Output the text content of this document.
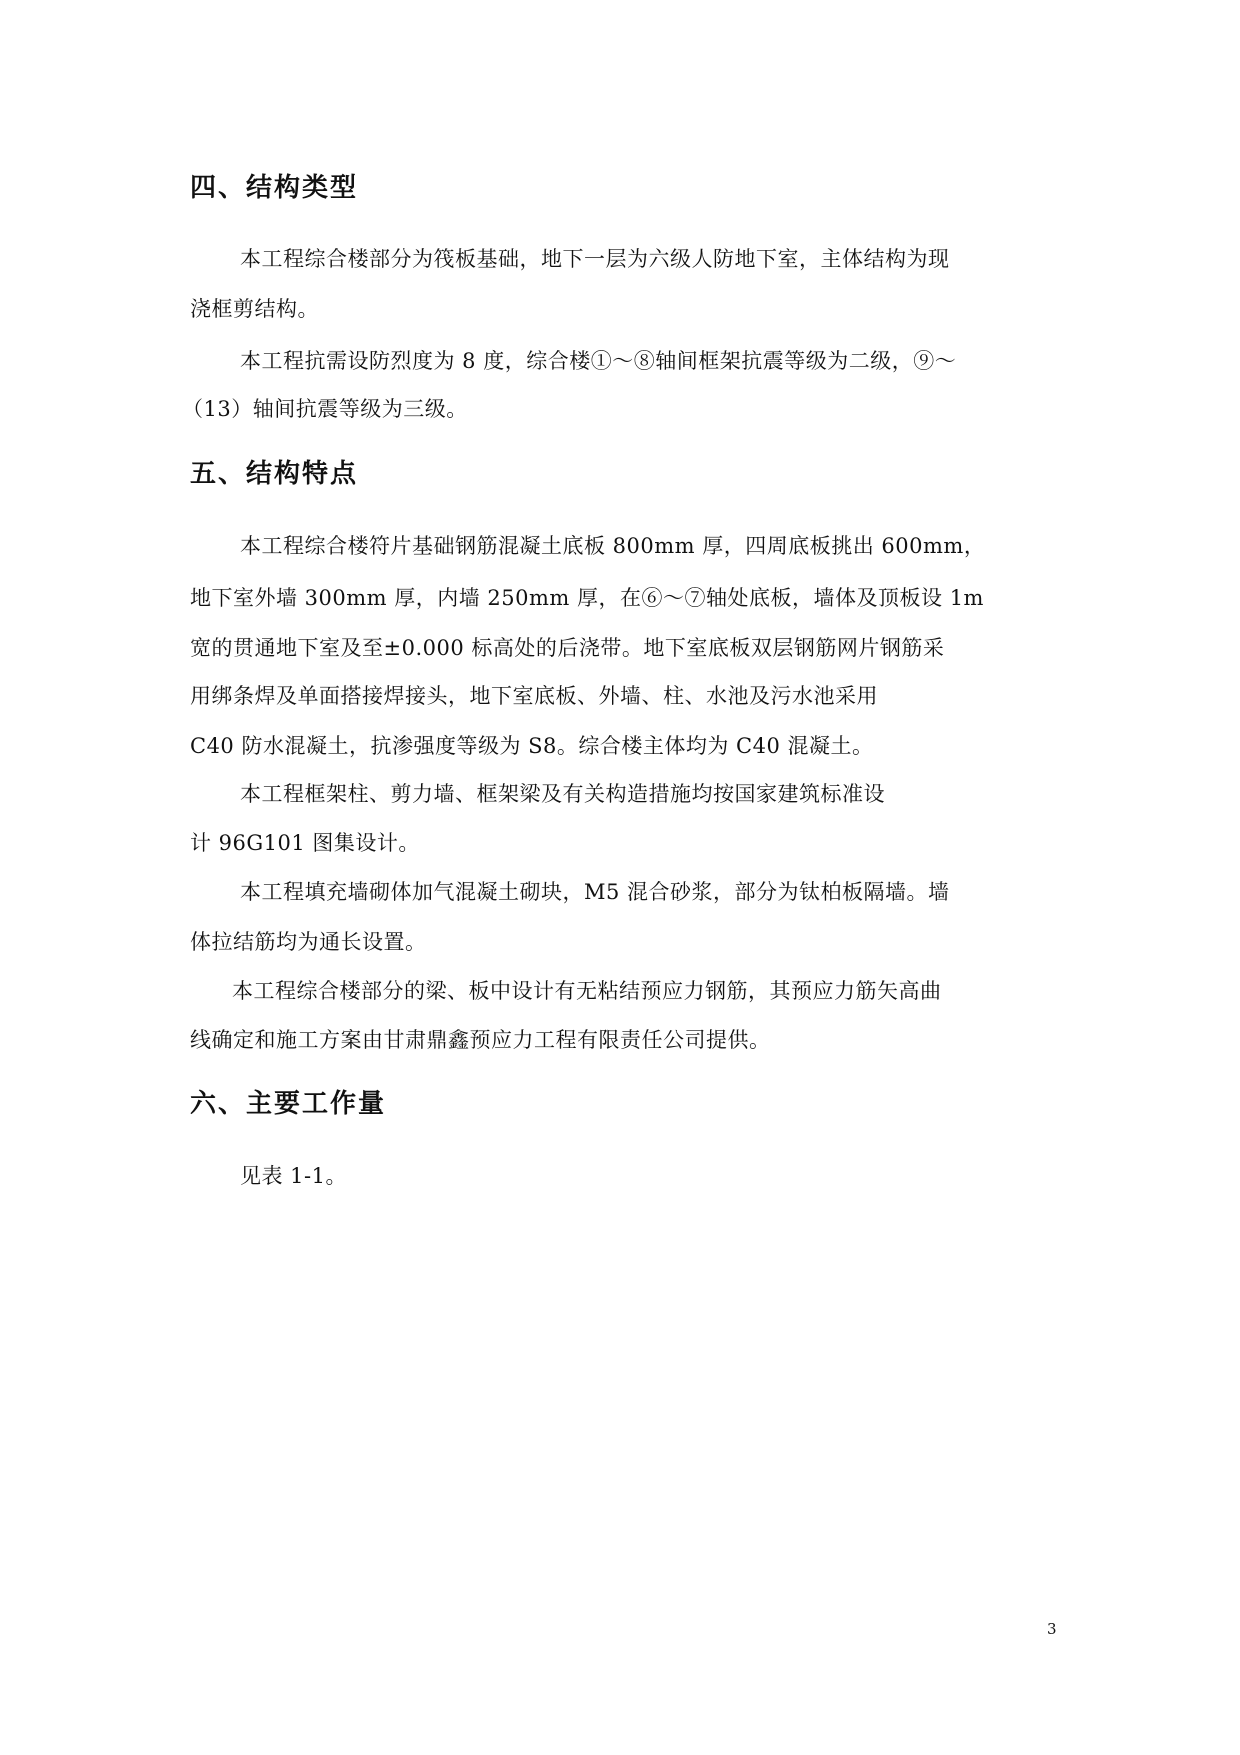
四、结构类型

本工程综合楼部分为筏板基础，地下一层为六级人防地下室，主体结构为现

浇框剪结构。

本工程抗需设防烈度为 8 度，综合楼①～⑧轴间框架抗震等级为二级，⑨～

（13）轴间抗震等级为三级。

五、结构特点

本工程综合楼符片基础钢筋混凝土底板 800mm 厚，四周底板挑出 600mm，

地下室外墙 300mm 厚，内墙 250mm 厚，在⑥～⑦轴处底板，墙体及顶板设 1m

宽的贯通地下室及至±0.000 标高处的后浇带。地下室底板双层钢筋网片钢筋采

用绑条焊及单面搭接焊接头，地下室底板、外墙、柱、水池及污水池采用

C40 防水混凝土，抗渗强度等级为 S8。综合楼主体均为 C40 混凝土。

本工程框架柱、剪力墙、框架梁及有关构造措施均按国家建筑标准设

计 96G101 图集设计。

本工程填充墙砌体加气混凝土砌块，M5 混合砂浆，部分为钛柏板隔墙。墙

体拉结筋均为通长设置。

本工程综合楼部分的梁、板中设计有无粘结预应力钢筋，其预应力筋矢高曲

线确定和施工方案由甘肃鼎鑫预应力工程有限责任公司提供。

六、主要工作量

见表 1-1。

3
